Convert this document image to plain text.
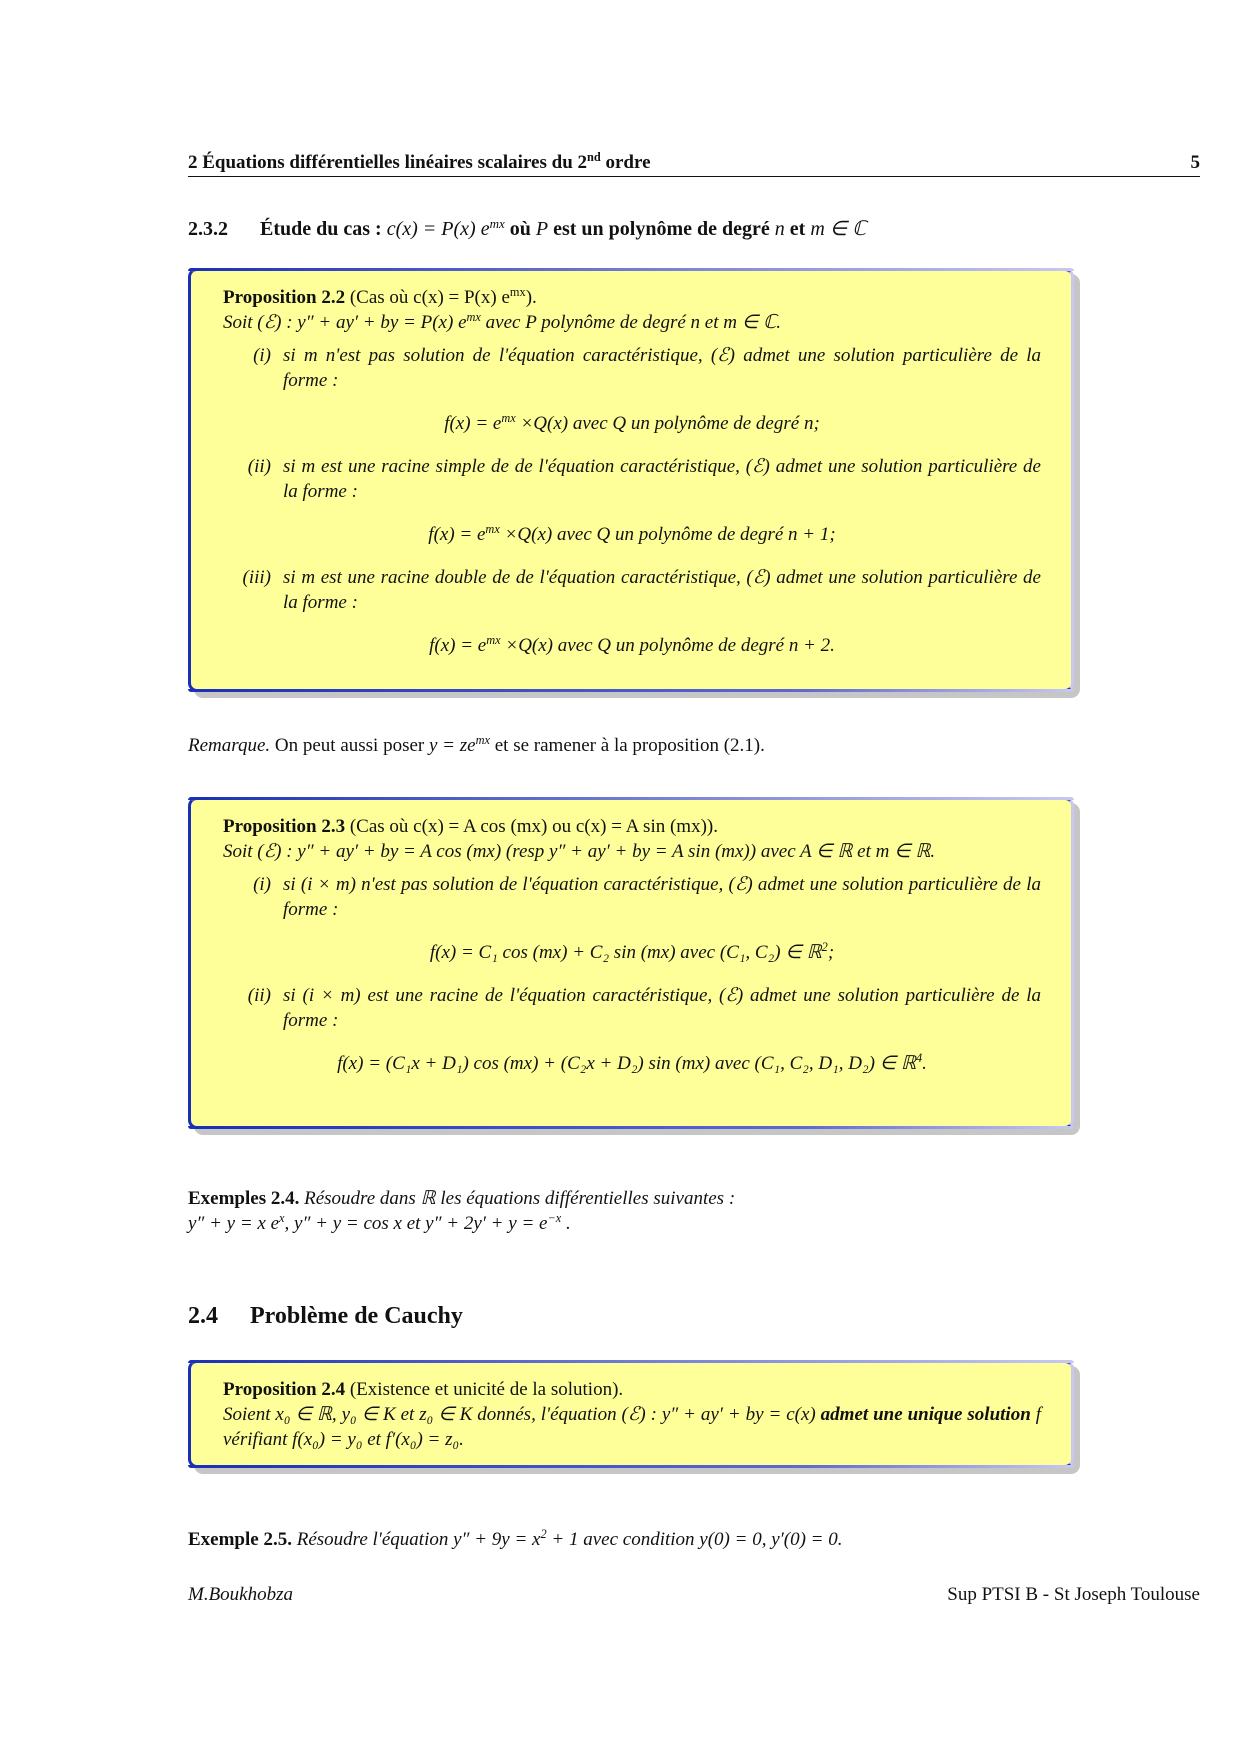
2 Équations différentielles linéaires scalaires du 2nd ordre	5
2.3.2 Étude du cas : c(x) = P(x) $e^{mx}$ où P est un polynôme de degré n et m ∈ ℂ
Proposition 2.2 (Cas où c(x) = P(x) $e^{mx}$).
Soit (ℰ) : y″ + ay′ + by = P(x) $e^{mx}$ avec P polynôme de degré n et m ∈ ℂ.
(i) si m n'est pas solution de l'équation caractéristique, (ℰ) admet une solution particulière de la forme :
$f(x) = e^{mx} \times Q(x)$ avec Q un polynôme de degré n;
(ii) si m est une racine simple de de l'équation caractéristique, (ℰ) admet une solution particulière de la forme :
$f(x) = e^{mx} \times Q(x)$ avec Q un polynôme de degré n + 1;
(iii) si m est une racine double de de l'équation caractéristique, (ℰ) admet une solution particulière de la forme :
$f(x) = e^{mx} \times Q(x)$ avec Q un polynôme de degré n + 2.
Remarque. On peut aussi poser $y = ze^{mx}$ et se ramener à la proposition (2.1).
Proposition 2.3 (Cas où c(x) = A cos (mx) ou c(x) = A sin (mx)).
Soit (ℰ) : y″ + ay′ + by = A cos (mx) (resp y″ + ay′ + by = A sin (mx)) avec A ∈ ℝ et m ∈ ℝ.
(i) si (i × m) n'est pas solution de l'équation caractéristique, (ℰ) admet une solution particulière de la forme :
f(x) = C₁ cos (mx) + C₂ sin (mx) avec (C₁, C₂) ∈ ℝ$^2$;
(ii) si (i × m) est une racine de l'équation caractéristique, (ℰ) admet une solution particulière de la forme :
f(x) = (C₁x + D₁) cos (mx) + (C₂x + D₂) sin (mx) avec (C₁, C₂, D₁, D₂) ∈ ℝ$^4$.
Exemples 2.4. Résoudre dans ℝ les équations différentielles suivantes :
y″ + y = x $e^x$, y″ + y = cos x et $y'' + 2y' + y = e^{-x}$ .
2.4 Problème de Cauchy
Proposition 2.4 (Existence et unicité de la solution).
Soient x₀ ∈ ℝ, y₀ ∈ K et z₀ ∈ K donnés, l'équation (ℰ) : y″ + ay′ + by = c(x) admet une unique solution f vérifiant f(x₀) = y₀ et f′(x₀) = z₀.
Exemple 2.5. Résoudre l'équation $y'' + 9y = x^2 + 1$ avec condition y(0) = 0, y′(0) = 0.
M.Boukhobza	Sup PTSI B - St Joseph Toulouse
